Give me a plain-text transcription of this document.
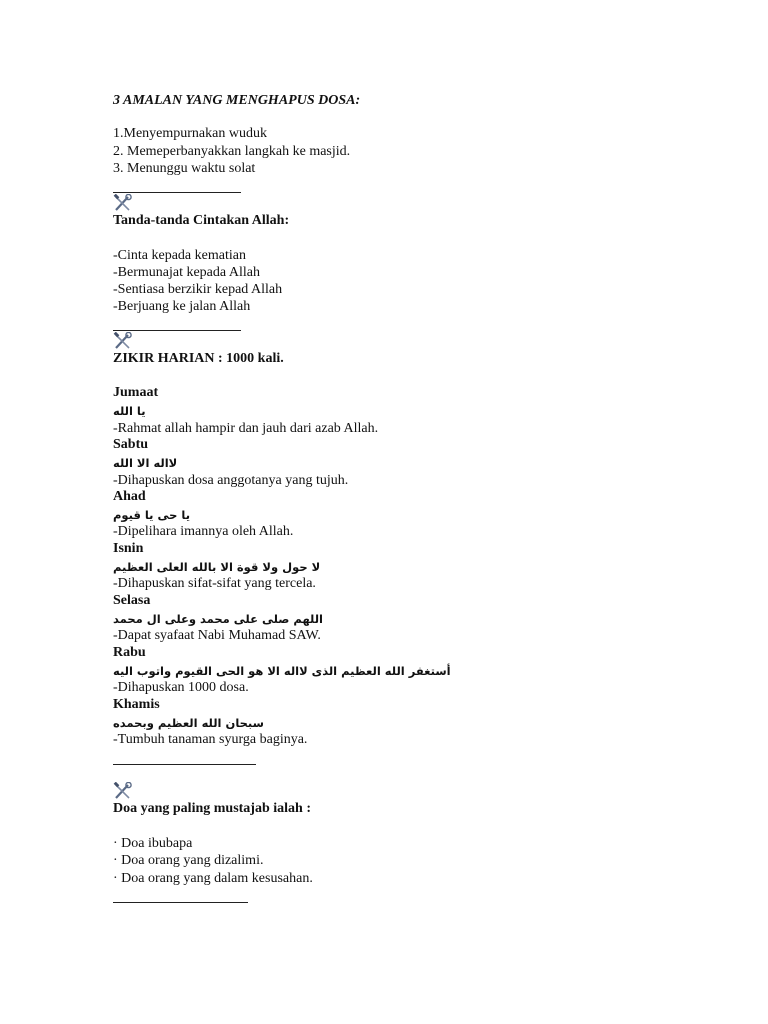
3 AMALAN YANG MENGHAPUS DOSA:
1.Menyempurnakan wuduk
2. Memeperbanyakkan langkah ke masjid.
3. Menunggu waktu solat
Tanda-tanda Cintakan Allah:
-Cinta kepada kematian
-Bermunajat kepada Allah
-Sentiasa berzikir kepad Allah
-Berjuang ke jalan Allah
ZIKIR HARIAN : 1000 kali.
Jumaat
يا الله
-Rahmat allah hampir dan jauh dari azab Allah.
Sabtu
لااله الا الله
-Dihapuskan dosa anggotanya yang tujuh.
Ahad
يا حى يا قيوم
-Dipelihara imannya oleh Allah.
Isnin
لا حول ولا قوة الا بالله العلى العظيم
-Dihapuskan sifat-sifat yang tercela.
Selasa
اللهم صلى على محمد وعلى ال محمد
-Dapat syafaat Nabi Muhamad SAW.
Rabu
أستغفر الله العظيم الذى لااله الا هو الحى القيوم واتوب اليه
-Dihapuskan 1000 dosa.
Khamis
سبحان الله العظيم وبحمده
-Tumbuh tanaman syurga baginya.
Doa yang paling mustajab ialah :
· Doa ibubapa
· Doa orang yang dizalimi.
· Doa orang yang dalam kesusahan.
